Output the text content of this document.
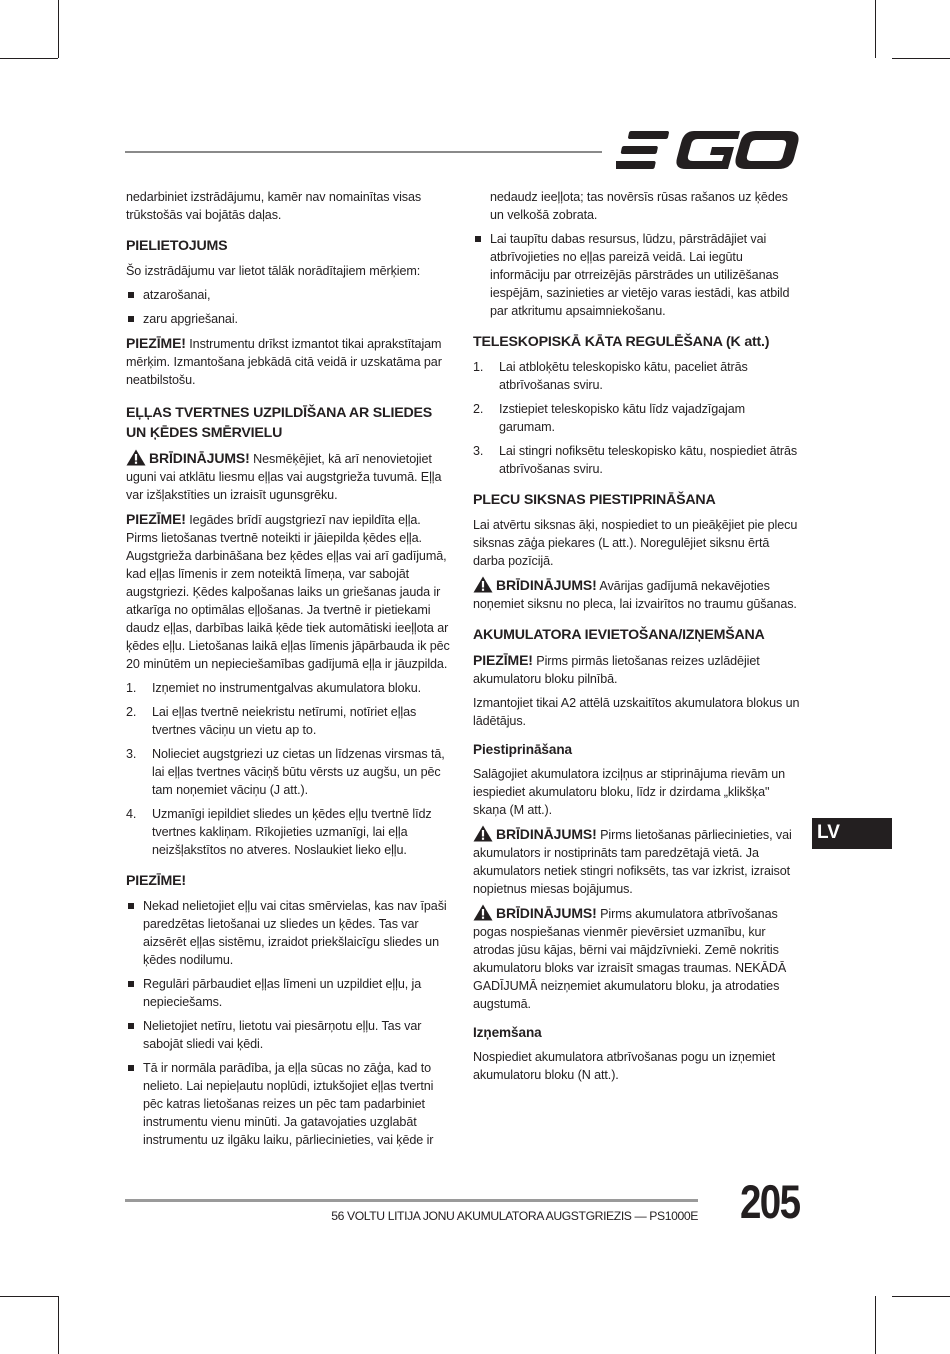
nedarbiniet izstrādājumu, kamēr nav nomainītas visas trūkstošās vai bojātās daļas.

PIELIETOJUMS

Šo izstrādājumu var lietot tālāk norādītajiem mērķiem:

atzarošanai,
zaru apgriešanai.

PIEZĪME! Instrumentu drīkst izmantot tikai aprakstītajam mērķim. Izmantošana jebkādā citā veidā ir uzskatāma par neatbilstošu.

EĻĻAS TVERTNES UZPILDĪŠANA AR SLIEDES UN ĶĒDES SMĒRVIELU

BRĪDINĀJUMS! Nesmēķējiet, kā arī nenovietojiet uguni vai atklātu liesmu eļļas vai augstgrieža tuvumā. Eļļa var izšļakstīties un izraisīt ugunsgrēku.

PIEZĪME! Iegādes brīdī augstgriezī nav iepildīta eļļa. Pirms lietošanas tvertnē noteikti ir jāiepilda ķēdes eļļa. Augstgrieža darbināšana bez ķēdes eļļas vai arī gadījumā, kad eļļas līmenis ir zem noteiktā līmeņa, var sabojāt augstgriezi. Ķēdes kalpošanas laiks un griešanas jauda ir atkarīga no optimālas eļļošanas. Ja tvertnē ir pietiekami daudz eļļas, darbības laikā ķēde tiek automātiski ieeļļota ar ķēdes eļļu. Lietošanas laikā eļļas līmenis jāpārbauda ik pēc 20 minūtēm un nepieciešamības gadījumā eļļa ir jāuzpilda.

1. Izņemiet no instrumentgalvas akumulatora bloku.
2. Lai eļļas tvertnē neiekristu netīrumi, notīriet eļļas tvertnes vāciņu un vietu ap to.
3. Nolieciet augstgriezi uz cietas un līdzenas virsmas tā, lai eļļas tvertnes vāciņš būtu vērsts uz augšu, un pēc tam noņemiet vāciņu (J att.).
4. Uzmanīgi iepildiet sliedes un ķēdes eļļu tvertnē līdz tvertnes kakliņam. Rīkojieties uzmanīgi, lai eļļa neizšļakstītos no atveres. Noslaukiet lieko eļļu.
PIEZĪME!
Nekad nelietojiet eļļu vai citas smērvielas, kas nav īpaši paredzētas lietošanai uz sliedes un ķēdes. Tas var aizsērēt eļļas sistēmu, izraidot priekšlaicīgu sliedes un ķēdes nodilumu.
Regulāri pārbaudiet eļļas līmeni un uzpildiet eļļu, ja nepieciešams.
Nelietojiet netīru, lietotu vai piesārņotu eļļu. Tas var sabojāt sliedi vai ķēdi.
Tā ir normāla parādība, ja eļļa sūcas no zāģa, kad to nelieto. Lai nepieļautu noplūdi, iztukšojiet eļļas tvertni pēc katras lietošanas reizes un pēc tam padarbiniet instrumentu vienu minūti. Ja gatavojaties uzglabāt instrumentu uz ilgāku laiku, pārliecinieties, vai ķēde ir

nedaudz ieeļļota; tas novērsīs rūsas rašanos uz ķēdes un velkošā zobrata.

Lai taupītu dabas resursus, lūdzu, pārstrādājiet vai atbrīvojieties no eļļas pareizā veidā. Lai iegūtu informāciju par otrreizējās pārstrādes un utilizēšanas iespējām, sazinieties ar vietējo varas iestādi, kas atbild par atkritumu apsaimniekošanu.
TELESKOPISKĀ KĀTA REGULĒŠANA (K att.)
1. Lai atbloķētu teleskopisko kātu, paceliet ātrās atbrīvošanas sviru.
2. Izstiepiet teleskopisko kātu līdz vajadzīgajam garumam.
3. Lai stingri nofiksētu teleskopisko kātu, nospiediet ātrās atbrīvošanas sviru.
PLECU SIKSNAS PIESTIPRINĀŠANA

Lai atvērtu siksnas āķi, nospiediet to un pieāķējiet pie plecu siksnas zāģa piekares (L att.). Noregulējiet siksnu ērtā darba pozīcijā.

BRĪDINĀJUMS! Avārijas gadījumā nekavējoties noņemiet siksnu no pleca, lai izvairītos no traumu gūšanas.

AKUMULATORA IEVIETOŠANA/IZŅEMŠANA

PIEZĪME! Pirms pirmās lietošanas reizes uzlādējiet akumulatoru bloku pilnībā.

Izmantojiet tikai A2 attēlā uzskaitītos akumulatora blokus un lādētājus.

Piestiprināšana

Salāgojiet akumulatora izciļņus ar stiprinājuma rievām un iespiediet akumulatoru bloku, līdz ir dzirdama „klikšķa" skaņa (M att.).

BRĪDINĀJUMS! Pirms lietošanas pārliecinieties, vai akumulators ir nostiprināts tam paredzētajā vietā. Ja akumulators netiek stingri nofiksēts, tas var izkrist, izraisot nopietnus miesas bojājumus.

BRĪDINĀJUMS! Pirms akumulatora atbrīvošanas pogas nospiešanas vienmēr pievērsiet uzmanību, kur atrodas jūsu kājas, bērni vai mājdzīvnieki. Zemē nokritis akumulatoru bloks var izraisīt smagas traumas. NEKĀDĀ GADĪJUMĀ neizņemiet akumulatoru bloku, ja atrodaties augstumā.

Izņemšana

Nospiediet akumulatora atbrīvošanas pogu un izņemiet akumulatoru bloku (N att.).

LV
56 VOLTU LITIJA JONU AKUMULATORA AUGSTGRIEZIS — PS1000E 205
